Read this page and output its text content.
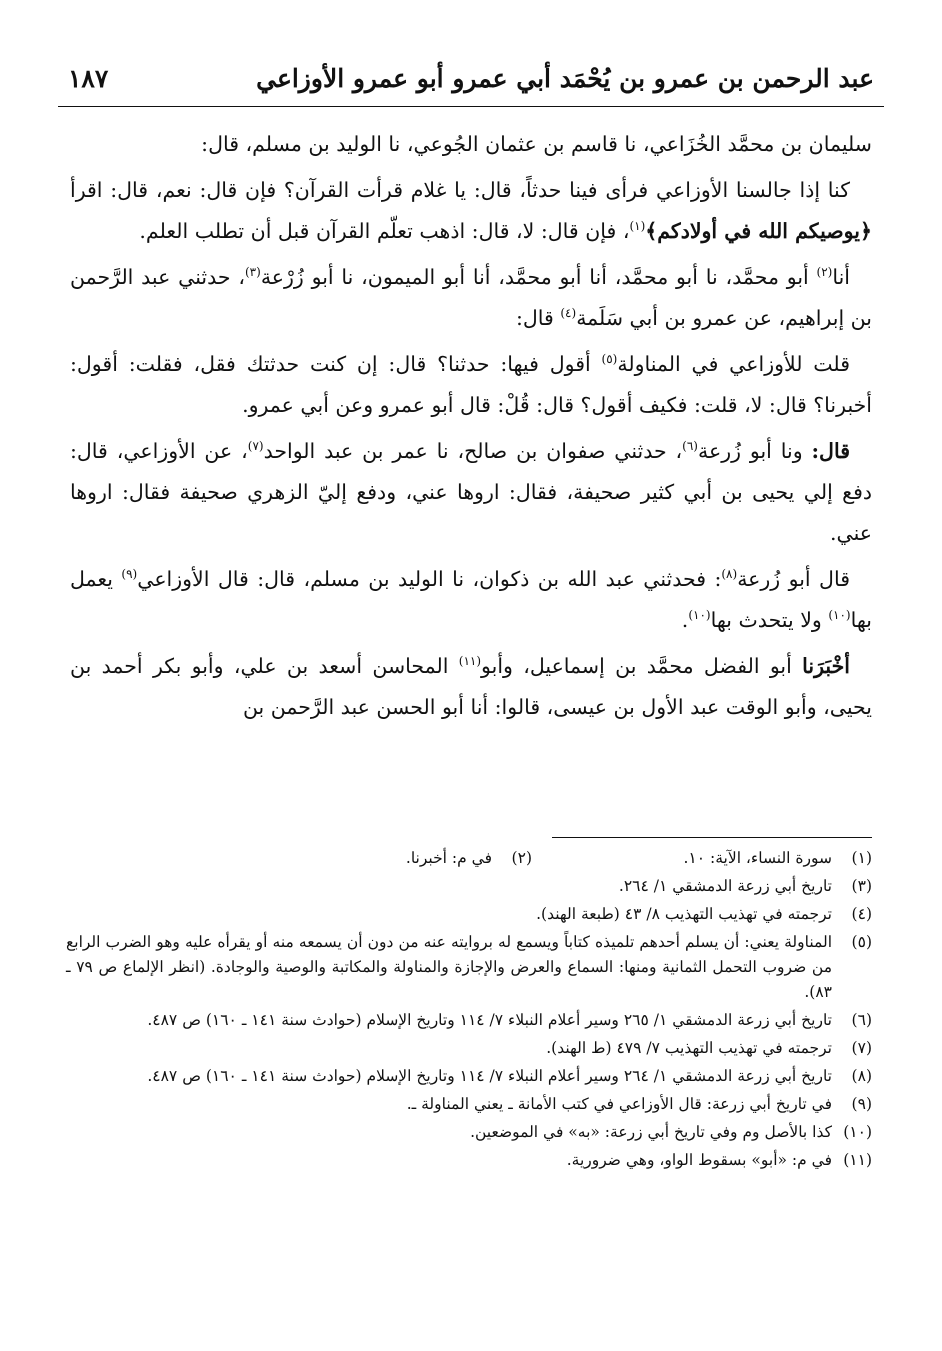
عبد الرحمن بن عمرو بن يُحْمَد أبي عمرو أبو عمرو الأوزاعي
١٨٧

سليمان بن محمَّد الخُزَاعي، نا قاسم بن عثمان الجُوعي، نا الوليد بن مسلم، قال:

كنا إذا جالسنا الأوزاعي فرأى فينا حدثاً، قال: يا غلام قرأت القرآن؟ فإن قال: نعم، قال: اقرأ ﴿يوصيكم الله في أولادكم﴾$^{(١)}$، فإن قال: لا، قال: اذهب تعلّم القرآن قبل أن تطلب العلم.

أنا$^{(٢)}$ أبو محمَّد، نا أبو محمَّد، أنا أبو محمَّد، أنا أبو الميمون، نا أبو زُرْعة$^{(٣)}$، حدثني عبد الرَّحمن بن إبراهيم، عن عمرو بن أبي سَلَمة$^{(٤)}$ قال:

قلت للأوزاعي في المناولة$^{(٥)}$ أقول فيها: حدثنا؟ قال: إن كنت حدثتك فقل، فقلت: أقول: أخبرنا؟ قال: لا، قلت: فكيف أقول؟ قال: قُلْ: قال أبو عمرو وعن أبي عمرو.

قال: ونا أبو زُرعة$^{(٦)}$، حدثني صفوان بن صالح، نا عمر بن عبد الواحد$^{(٧)}$، عن الأوزاعي، قال: دفع إلي يحيى بن أبي كثير صحيفة، فقال: اروها عني، ودفع إليّ الزهري صحيفة فقال: اروها عني.

قال أبو زُرعة$^{(٨)}$: فحدثني عبد الله بن ذكوان، نا الوليد بن مسلم، قال: قال الأوزاعي$^{(٩)}$ يعمل بها$^{(١٠)}$ ولا يتحدث بها$^{(١٠)}$.

أخْبَرَنا أبو الفضل محمَّد بن إسماعيل، وأبو$^{(١١)}$ المحاسن أسعد بن علي، وأبو بكر أحمد بن يحيى، وأبو الوقت عبد الأول بن عيسى، قالوا: أنا أبو الحسن عبد الرَّحمن بن

(١)
سورة النساء، الآية: ١٠.
(٢)
في م: أخبرنا.
(٣)
تاريخ أبي زرعة الدمشقي ١/ ٢٦٤.
(٤)
ترجمته في تهذيب التهذيب ٨/ ٤٣ (طبعة الهند).
(٥)
المناولة يعني: أن يسلم أحدهم تلميذه كتاباً ويسمع له بروايته عنه من دون أن يسمعه منه أو يقرأه عليه وهو الضرب الرابع من ضروب التحمل الثمانية ومنها: السماع والعرض والإجازة والمناولة والمكاتبة والوصية والوجادة. (انظر الإلماع ص ٧٩ ـ ٨٣).
(٦)
تاريخ أبي زرعة الدمشقي ١/ ٢٦٥ وسير أعلام النبلاء ٧/ ١١٤ وتاريخ الإسلام (حوادث سنة ١٤١ ـ ١٦٠) ص ٤٨٧.
(٧)
ترجمته في تهذيب التهذيب ٧/ ٤٧٩ (ط الهند).
(٨)
تاريخ أبي زرعة الدمشقي ١/ ٢٦٤ وسير أعلام النبلاء ٧/ ١١٤ وتاريخ الإسلام (حوادث سنة ١٤١ ـ ١٦٠) ص ٤٨٧.
(٩)
في تاريخ أبي زرعة: قال الأوزاعي في كتب الأمانة ـ يعني المناولة ـ.
(١٠)
كذا بالأصل وم وفي تاريخ أبي زرعة: «به» في الموضعين.
(١١)
في م: «أبو» بسقوط الواو، وهي ضرورية.
